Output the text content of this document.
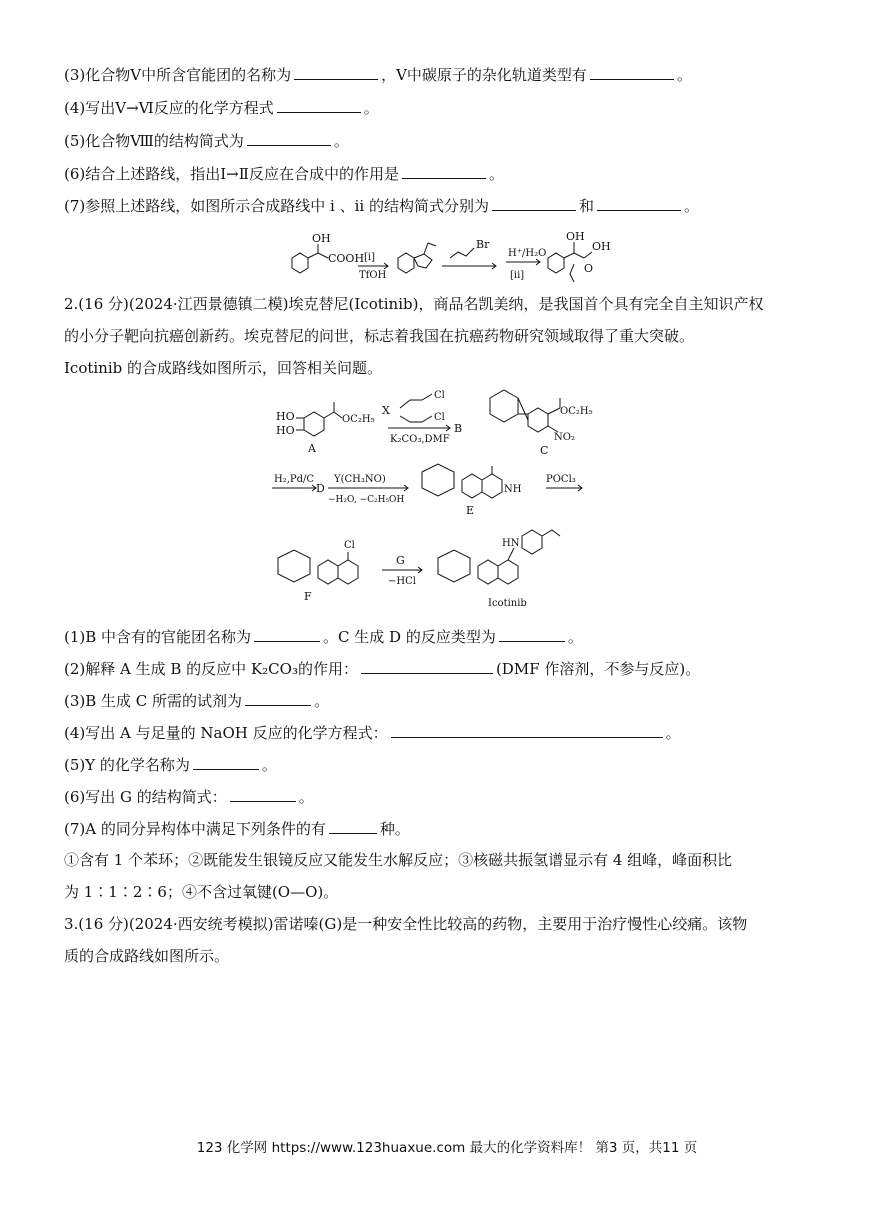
(3)化合物Ⅴ中所含官能团的名称为	，Ⅴ中碳原子的杂化轨道类型有	。
(4)写出Ⅴ→Ⅵ反应的化学方程式	。
(5)化合物Ⅷ的结构简式为	。
(6)结合上述路线，指出Ⅰ→Ⅱ反应在合成中的作用是	。
(7)参照上述路线，如图所示合成路线中 i 、ii 的结构简式分别为	和	。
OH
COOH [i]
TfOH
Br
[ii]
H⁺/H₂O
OH
OH
O
2.(16 分)(2024·江西景德镇二模)埃克替尼(Icotinib)，商品名凯美纳，是我国首个具有完全自主知识产权
的小分子靶向抗癌创新药。埃克替尼的问世，标志着我国在抗癌药物研究领域取得了重大突破。
Icotinib 的合成路线如图所示，回答相关问题。
HO
HO
OC₂H₅
A
X
Cl
Cl
K₂CO₃,DMF
B
OC₂H₅
NO₂
C
H₂,Pd/C
D
Y(CH₃NO)
−H₂O, −C₂H₅OH
NH
E
POCl₃
Cl
F
G
−HCl
HN
Icotinib
(1)B 中含有的官能团名称为	。C 生成 D 的反应类型为	。
(2)解释 A 生成 B 的反应中 K₂CO₃的作用：	(DMF 作溶剂，不参与反应)。
(3)B 生成 C 所需的试剂为	。
(4)写出 A 与足量的 NaOH 反应的化学方程式：	。
(5)Y 的化学名称为	。
(6)写出 G 的结构简式：	。
(7)A 的同分异构体中满足下列条件的有	种。
①含有 1 个苯环；②既能发生银镜反应又能发生水解反应；③核磁共振氢谱显示有 4 组峰，峰面积比
为 1∶1∶2∶6；④不含过氧键(O—O)。
3.(16 分)(2024·西安统考模拟)雷诺嗪(G)是一种安全性比较高的药物，主要用于治疗慢性心绞痛。该物
质的合成路线如图所示。
123 化学网 https://www.123huaxue.com 最大的化学资料库！ 第3 页，共11 页
